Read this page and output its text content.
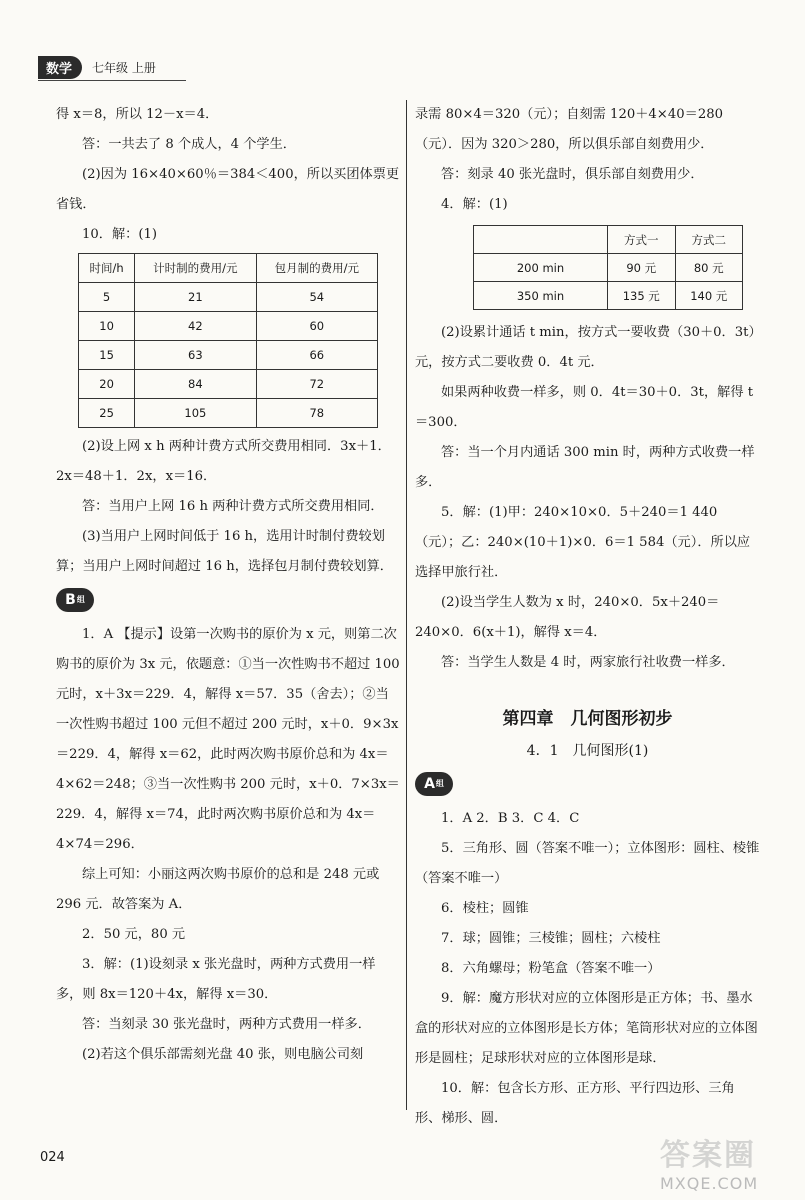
数学	七年级 上册

得 x＝8，所以 12－x＝4．

答：一共去了 8 个成人，4 个学生．

(2)因为 16×40×60％＝384＜400，所以买团体票更省钱．

10．解：(1)

时间/h	计时制的费用/元	包月制的费用/元
5	21	54
10	42	60
15	63	66
20	84	72
25	105	78

(2)设上网 x h 两种计费方式所交费用相同．3x＋1．2x＝48＋1．2x，x＝16．

答：当用户上网 16 h 两种计费方式所交费用相同．

(3)当用户上网时间低于 16 h，选用计时制付费较划算；当用户上网时间超过 16 h，选择包月制付费较划算．

B 组

1．A 【提示】设第一次购书的原价为 x 元，则第二次购书的原价为 3x 元，依题意：①当一次性购书不超过 100 元时，x＋3x＝229．4，解得 x＝57．35（舍去）；②当一次性购书超过 100 元但不超过 200 元时，x＋0．9×3x＝229．4，解得 x＝62，此时两次购书原价总和为 4x＝4×62＝248；③当一次性购书 200 元时，x＋0．7×3x＝229．4，解得 x＝74，此时两次购书原价总和为 4x＝4×74＝296．

综上可知：小丽这两次购书原价的总和是 248 元或 296 元．故答案为 A．

2．50 元，80 元

3．解：(1)设刻录 x 张光盘时，两种方式费用一样多，则 8x＝120＋4x，解得 x＝30．

答：当刻录 30 张光盘时，两种方式费用一样多．

(2)若这个俱乐部需刻光盘 40 张，则电脑公司刻

录需 80×4＝320（元）；自刻需 120＋4×40＝280（元）．因为 320＞280，所以俱乐部自刻费用少．

答：刻录 40 张光盘时，俱乐部自刻费用少．

4．解：(1)

	方式一	方式二
200 min	90 元	80 元
350 min	135 元	140 元

(2)设累计通话 t min，按方式一要收费（30＋0．3t）元，按方式二要收费 0．4t 元．

如果两种收费一样多，则 0．4t＝30＋0．3t，解得 t＝300．

答：当一个月内通话 300 min 时，两种方式收费一样多．

5．解：(1)甲：240×10×0．5＋240＝1 440（元）；乙：240×(10＋1)×0．6＝1 584（元）．所以应选择甲旅行社．

(2)设当学生人数为 x 时，240×0．5x＋240＝240×0．6(x＋1)，解得 x＝4．

答：当学生人数是 4 时，两家旅行社收费一样多．

第四章　几何图形初步
4．1　几何图形(1)
A 组

1．A 2．B 3．C 4．C

5．三角形、圆（答案不唯一）；立体图形：圆柱、棱锥（答案不唯一）

6．棱柱；圆锥

7．球；圆锥；三棱锥；圆柱；六棱柱

8．六角螺母；粉笔盒（答案不唯一）

9．解：魔方形状对应的立体图形是正方体；书、墨水盒的形状对应的立体图形是长方体；笔筒形状对应的立体图形是圆柱；足球形状对应的立体图形是球．

10．解：包含长方形、正方形、平行四边形、三角形、梯形、圆．

024	答案圈
MXQE.COM
